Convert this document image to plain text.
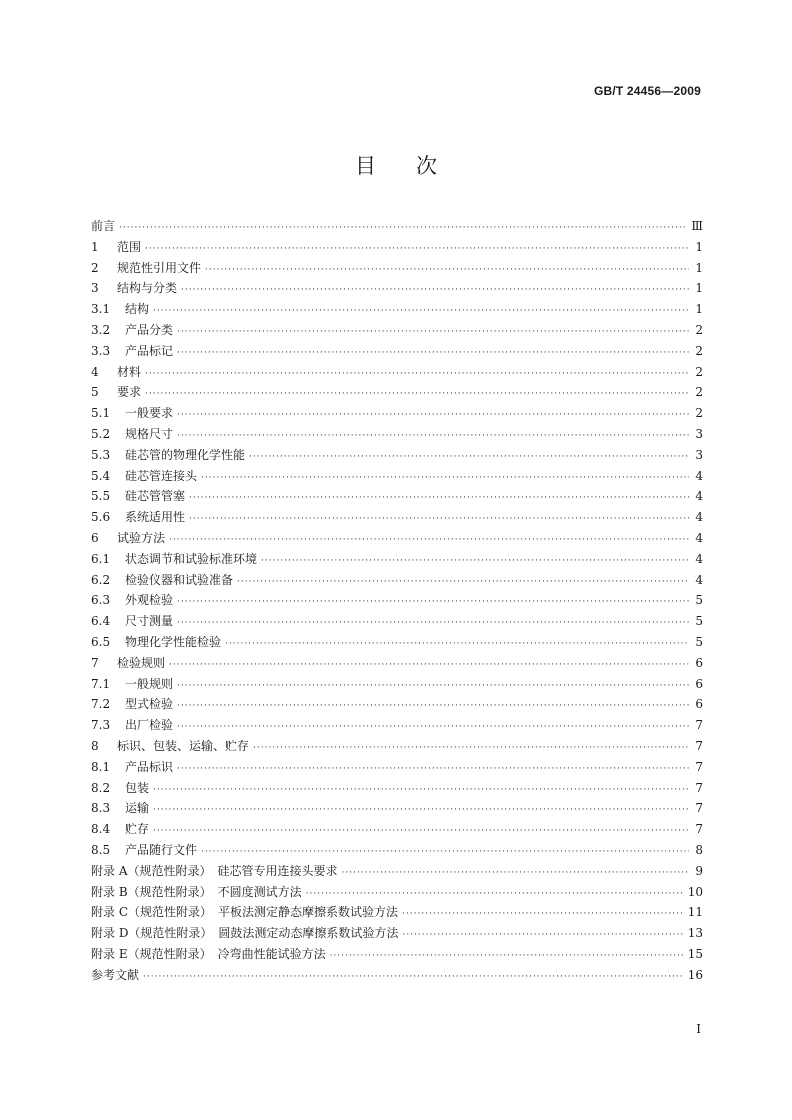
GB/T 24456—2009
目 次
前言 ·····	Ⅲ
1	范围 ·····	1
2	规范性引用文件 ·····	1
3	结构与分类 ·····	1
3.1	结构 ·····	1
3.2	产品分类 ·····	2
3.3	产品标记 ·····	2
4	材料 ·····	2
5	要求 ·····	2
5.1	一般要求 ·····	2
5.2	规格尺寸 ·····	3
5.3	硅芯管的物理化学性能 ·····	3
5.4	硅芯管连接头 ·····	4
5.5	硅芯管管塞 ·····	4
5.6	系统适用性 ·····	4
6	试验方法 ·····	4
6.1	状态调节和试验标准环境 ·····	4
6.2	检验仪器和试验准备 ·····	4
6.3	外观检验 ·····	5
6.4	尺寸测量 ·····	5
6.5	物理化学性能检验 ·····	5
7	检验规则 ·····	6
7.1	一般规则 ·····	6
7.2	型式检验 ·····	6
7.3	出厂检验 ·····	7
8	标识、包装、运输、贮存 ·····	7
8.1	产品标识 ·····	7
8.2	包装 ·····	7
8.3	运输 ·····	7
8.4	贮存 ·····	7
8.5	产品随行文件 ·····	8
附录 A（规范性附录）　硅芯管专用连接头要求 ·····	9
附录 B（规范性附录）　不圆度测试方法 ·····	10
附录 C（规范性附录）　平板法测定静态摩擦系数试验方法 ·····	11
附录 D（规范性附录）　圆鼓法测定动态摩擦系数试验方法 ·····	13
附录 E（规范性附录）　冷弯曲性能试验方法 ·····	15
参考文献 ·····	16
Ⅰ
